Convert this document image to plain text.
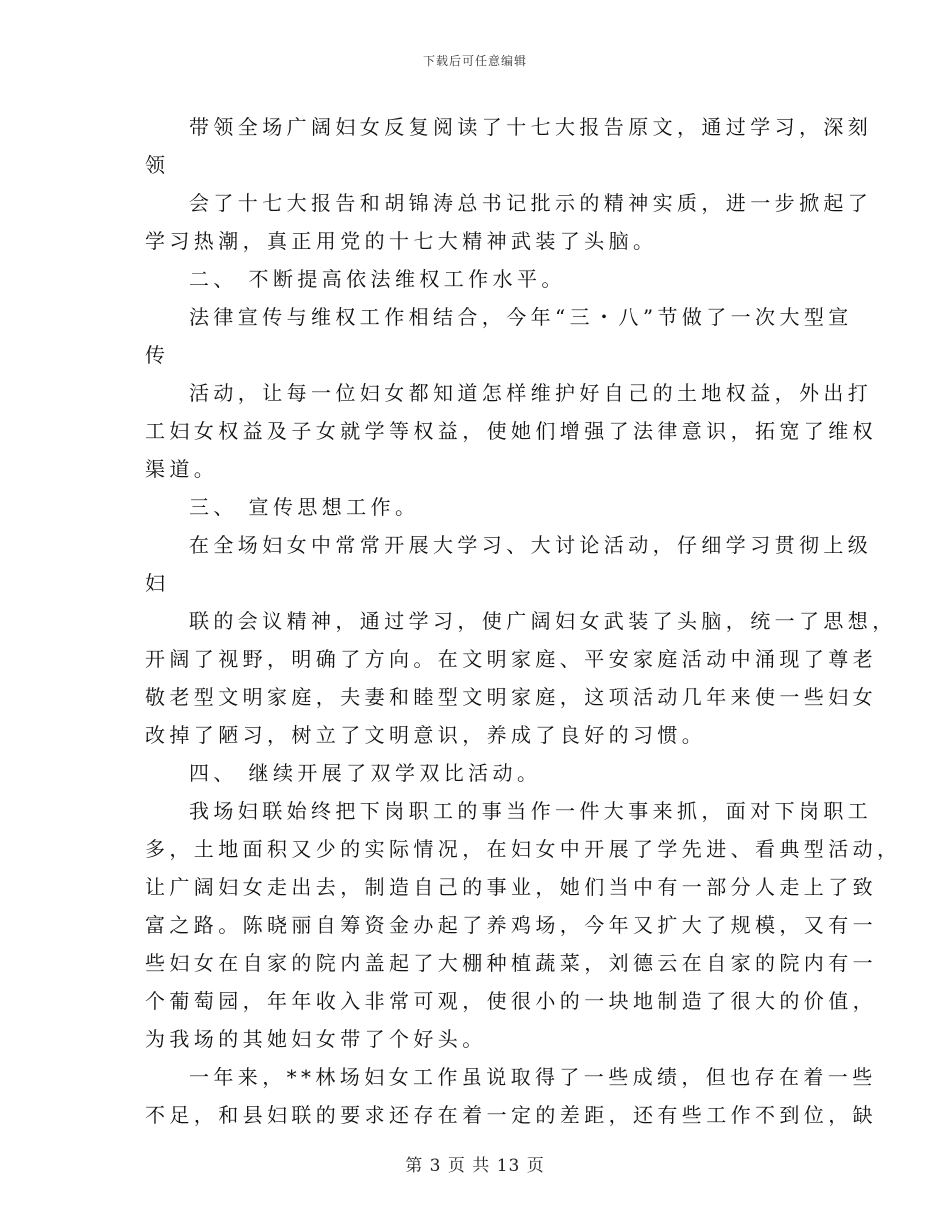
下载后可任意编辑
带领全场广阔妇女反复阅读了十七大报告原文，通过学习，深刻
领
会了十七大报告和胡锦涛总书记批示的精神实质，进一步掀起了
学习热潮，真正用党的十七大精神武装了头脑。
二、 不断提高依法维权工作水平。
法律宣传与维权工作相结合，今年“三・八”节做了一次大型宣
传
活动，让每一位妇女都知道怎样维护好自己的土地权益，外出打
工妇女权益及子女就学等权益，使她们增强了法律意识，拓宽了维权
渠道。
三、 宣传思想工作。
在全场妇女中常常开展大学习、大讨论活动，仔细学习贯彻上级
妇
联的会议精神，通过学习，使广阔妇女武装了头脑，统一了思想，
开阔了视野，明确了方向。在文明家庭、平安家庭活动中涌现了尊老
敬老型文明家庭，夫妻和睦型文明家庭，这项活动几年来使一些妇女
改掉了陋习，树立了文明意识，养成了良好的习惯。
四、 继续开展了双学双比活动。
我场妇联始终把下岗职工的事当作一件大事来抓，面对下岗职工
多，土地面积又少的实际情况，在妇女中开展了学先进、看典型活动，
让广阔妇女走出去，制造自己的事业，她们当中有一部分人走上了致
富之路。陈晓丽自筹资金办起了养鸡场，今年又扩大了规模，又有一
些妇女在自家的院内盖起了大棚种植蔬菜，刘德云在自家的院内有一
个葡萄园，年年收入非常可观，使很小的一块地制造了很大的价值，
为我场的其她妇女带了个好头。
一年来，**林场妇女工作虽说取得了一些成绩，但也存在着一些
不足，和县妇联的要求还存在着一定的差距，还有些工作不到位，缺
第 3 页 共 13 页
